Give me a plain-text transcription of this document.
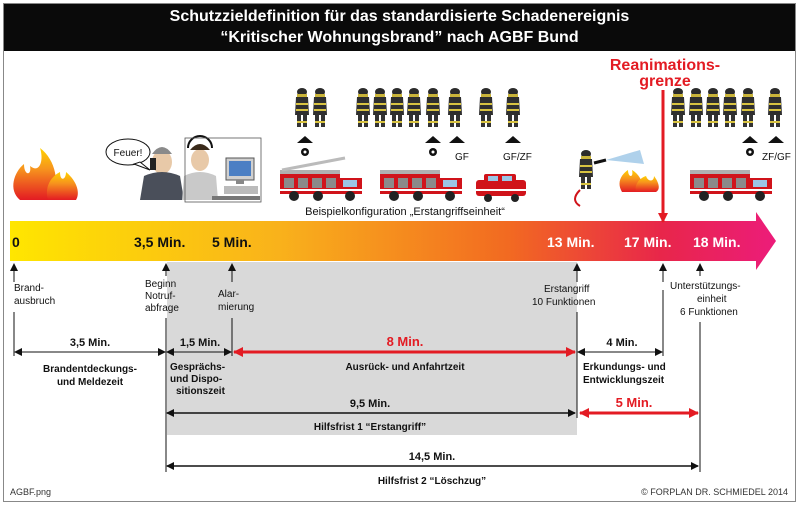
Schutzzieldefinition für das standardisierte Schadenereignis
“Kritischer Wohnungsbrand” nach AGBF Bund
0	3,5 Min. 5 Min.	13 Min. 17 Min. 18 Min.
Feuer!	GF	GF/ZF	ZF/GF
Beispielkonfiguration „Erstangriffseinheit“
Reanimations-
grenze
Brand-
ausbruch
Beginn
Notruf-
abfrage
Alar-
mierung
Erstangriff
10 Funktionen
Unterstützungs-
einheit
6 Funktionen
3,5 Min.
Brandentdeckungs-
und Meldezeit
1,5 Min.
Gesprächs-
und Dispo-
sitionszeit
8 Min.
Ausrück- und Anfahrtzeit
4 Min.
Erkundungs- und
Entwicklungszeit
9,5 Min.
Hilfsfrist 1 “Erstangriff”
5 Min.
14,5 Min.
Hilfsfrist 2 “Löschzug”
AGBF.png	© FORPLAN DR. SCHMIEDEL 2014
